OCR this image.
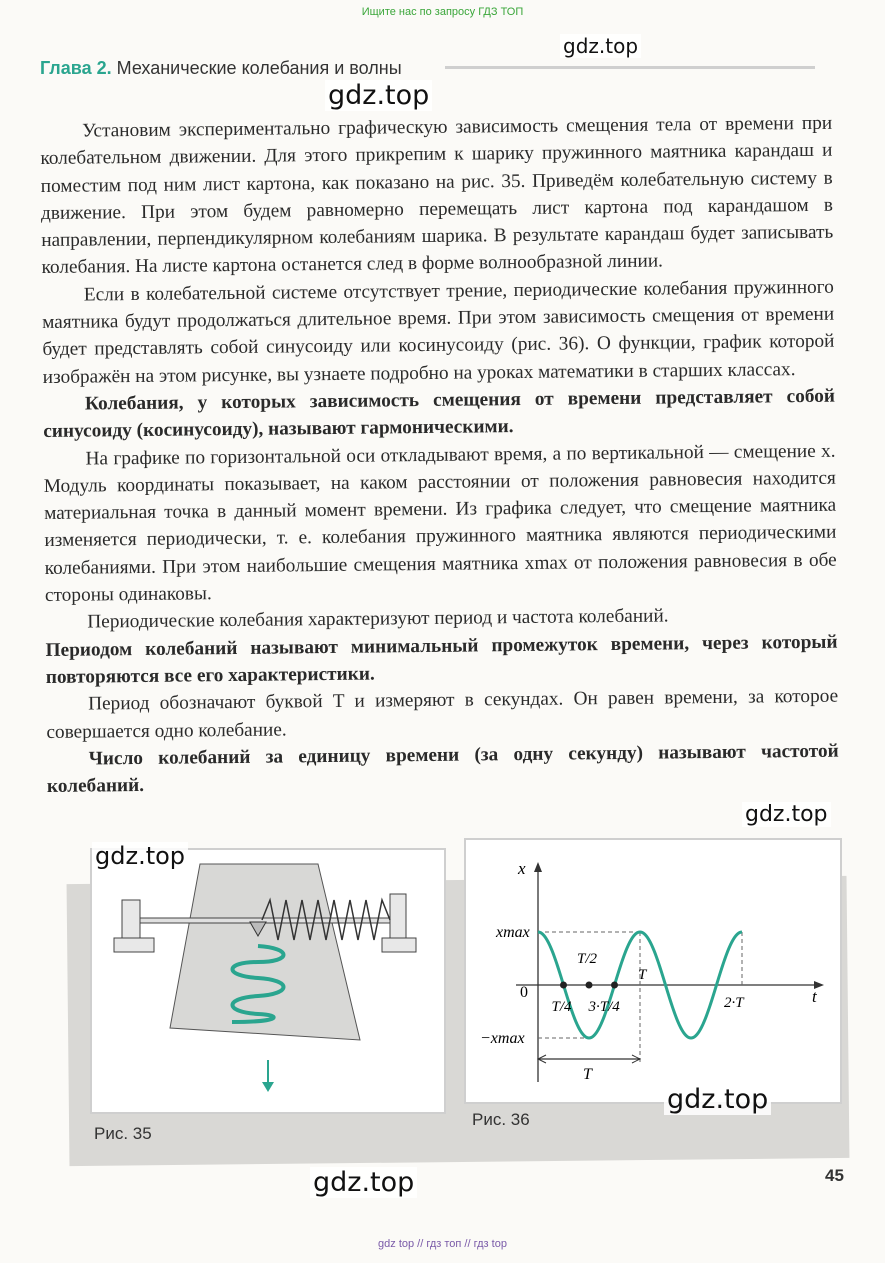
Ищите нас по запросу ГДЗ ТОП
Глава 2. Механические колебания и волны
gdz.top
gdz.top

Установим экспериментально графическую зависимость смещения тела от времени при колебательном движении. Для этого прикрепим к шарику пружинного маятника карандаш и поместим под ним лист картона, как показано на рис. 35. Приведём колебательную систему в движение. При этом будем равномерно перемещать лист картона под карандашом в направлении, перпендикулярном колебаниям шарика. В результате карандаш будет записывать колебания. На листе картона останется след в форме волнообразной линии.

Если в колебательной системе отсутствует трение, периодические колебания пружинного маятника будут продолжаться длительное время. При этом зависимость смещения от времени будет представлять собой синусоиду или косинусоиду (рис. 36). О функции, график которой изображён на этом рисунке, вы узнаете подробно на уроках математики в старших классах.

Колебания, у которых зависимость смещения от времени представляет собой синусоиду (косинусоиду), называют гармоническими.

На графике по горизонтальной оси откладывают время, а по вертикальной — смещение x. Модуль координаты показывает, на каком расстоянии от положения равновесия находится материальная точка в данный момент времени. Из графика следует, что смещение маятника изменяется периодически, т. е. колебания пружинного маятника являются периодическими колебаниями. При этом наибольшие смещения маятника xmax от положения равновесия в обе стороны одинаковы.

Периодические колебания характеризуют период и частота колебаний.

Периодом колебаний называют минимальный промежуток времени, через который повторяются все его характеристики.

Период обозначают буквой T и измеряют в секундах. Он равен времени, за которое совершается одно колебание.

Число колебаний за единицу времени (за одну секунду) называют частотой колебаний.

Рис. 35
x
t
xmax
0
−xmax
T/4
T/2
3·T/4
T
2·T
T
Рис. 36
gdz.top
gdz.top
gdz.top
gdz.top	45
gdz top // гдз топ // гдз top
